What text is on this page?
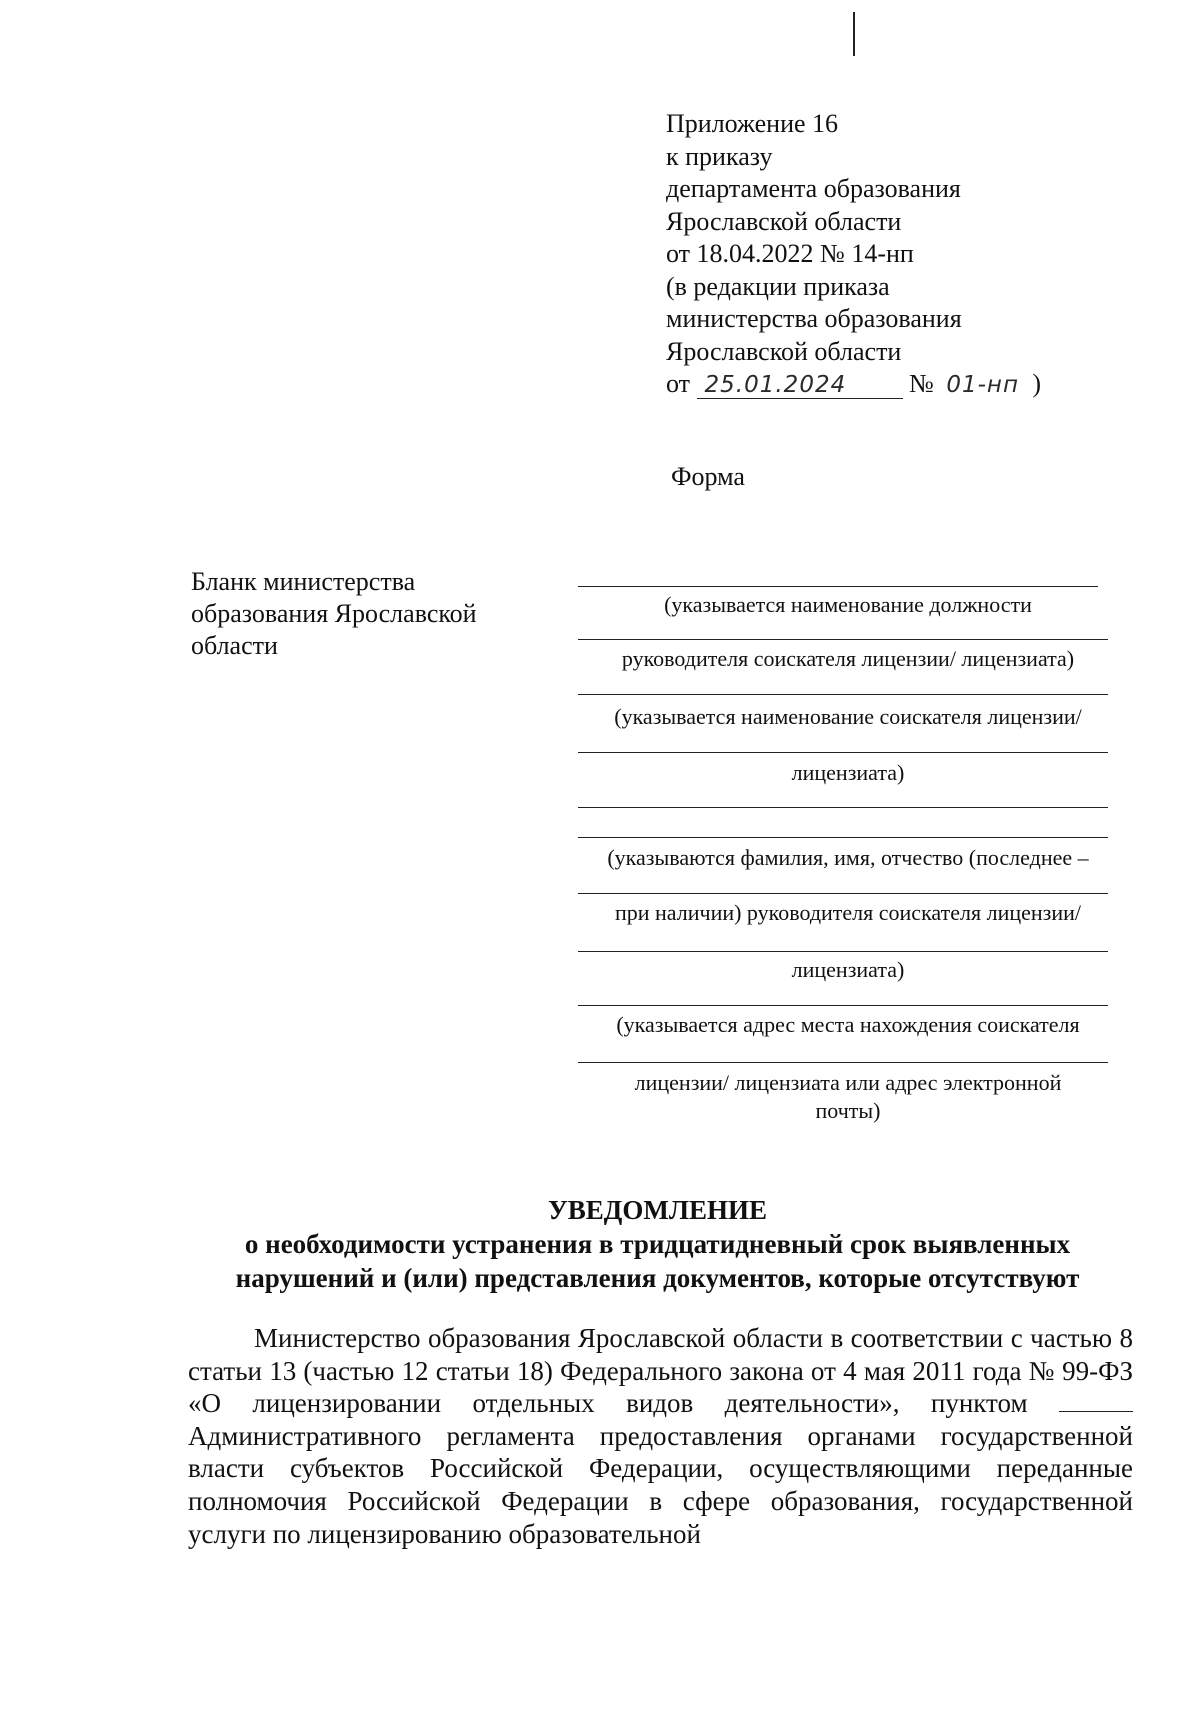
Приложение 16
к приказу
департамента образования
Ярославской области
от 18.04.2022 № 14-нп
(в редакции приказа
министерства образования
Ярославской области
от 25.01.2024 № 01-нп )
Форма
Бланк министерства
образования Ярославской
области
(указывается наименование должности
руководителя соискателя лицензии/ лицензиата)
(указывается наименование соискателя лицензии/
лицензиата)
(указываются фамилия, имя, отчество (последнее –
при наличии) руководителя соискателя лицензии/
лицензиата)
(указывается адрес места нахождения соискателя
лицензии/ лицензиата или адрес электронной
почты)
УВЕДОМЛЕНИЕ
о необходимости устранения в тридцатидневный срок выявленных
нарушений и (или) представления документов, которые отсутствуют

Министерство образования Ярославской области в соответствии с частью 8 статьи 13 (частью 12 статьи 18) Федерального закона от 4 мая 2011 года № 99-ФЗ «О лицензировании отдельных видов деятельности», пунктом  Административного регламента предоставления органами государственной власти субъектов Российской Федерации, осуществляющими переданные полномочия Российской Федерации в сфере образования, государственной услуги по лицензированию образовательной
